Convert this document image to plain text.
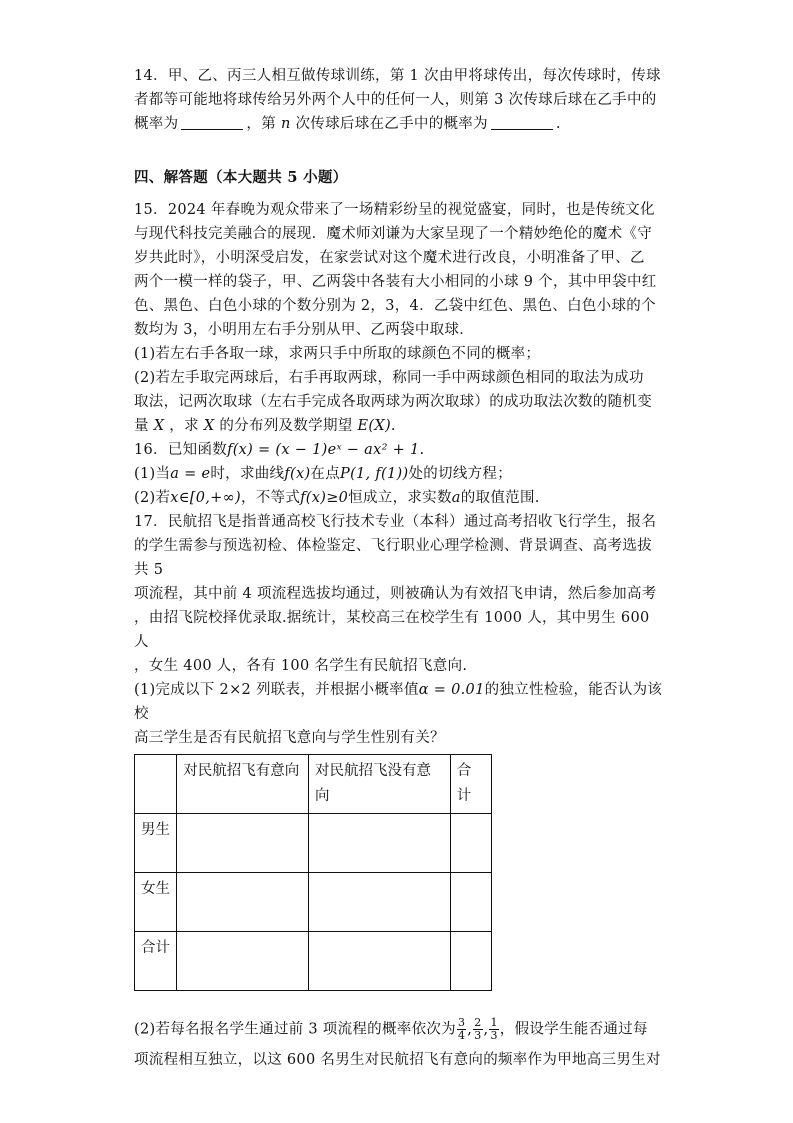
14．甲、乙、丙三人相互做传球训练，第 1 次由甲将球传出，每次传球时，传球

者都等可能地将球传给另外两个人中的任何一人，则第 3 次传球后球在乙手中的

概率为	，第 n 次传球后球在乙手中的概率为	.

四、解答题（本大题共 5 小题）

15．2024 年春晚为观众带来了一场精彩纷呈的视觉盛宴，同时，也是传统文化

与现代科技完美融合的展现．魔术师刘谦为大家呈现了一个精妙绝伦的魔术《守

岁共此时》，小明深受启发，在家尝试对这个魔术进行改良，小明准备了甲、乙

两个一模一样的袋子，甲、乙两袋中各装有大小相同的小球 9 个，其中甲袋中红

色、黑色、白色小球的个数分别为 2，3，4．乙袋中红色、黑色、白色小球的个

数均为 3，小明用左右手分别从甲、乙两袋中取球．

(1)若左右手各取一球，求两只手中所取的球颜色不同的概率；

(2)若左手取完两球后，右手再取两球，称同一手中两球颜色相同的取法为成功

取法，记两次取球（左右手完成各取两球为两次取球）的成功取法次数的随机变

量 X ，求 X 的分布列及数学期望 E(X).

16．已知函数f(x) = (x − 1)eˣ − ax² + 1.

(1)当a = e时，求曲线f(x)在点P(1, f(1))处的切线方程；

(2)若x∈[0,+∞)，不等式f(x)≥0恒成立，求实数a的取值范围.

17．民航招飞是指普通高校飞行技术专业（本科）通过高考招收飞行学生，报名

的学生需参与预选初检、体检鉴定、飞行职业心理学检测、背景调查、高考选拔共 5

项流程，其中前 4 项流程选拔均通过，则被确认为有效招飞申请，然后参加高考

，由招飞院校择优录取.据统计，某校高三在校学生有 1000 人，其中男生 600 人

，女生 400 人，各有 100 名学生有民航招飞意向.

(1)完成以下 2×2 列联表，并根据小概率值α = 0.01的独立性检验，能否认为该校

高三学生是否有民航招飞意向与学生性别有关？

	对民航招飞有意向	对民航招飞没有意向	合计
男生			
女生			
合计			

(2)若每名报名学生通过前 3 项流程的概率依次为 $\frac{3}{4}$ , $\frac{2}{3}$ , $\frac{1}{3}$ ，假设学生能否通过每

项流程相互独立，以这 600 名男生对民航招飞有意向的频率作为甲地高三男生对
